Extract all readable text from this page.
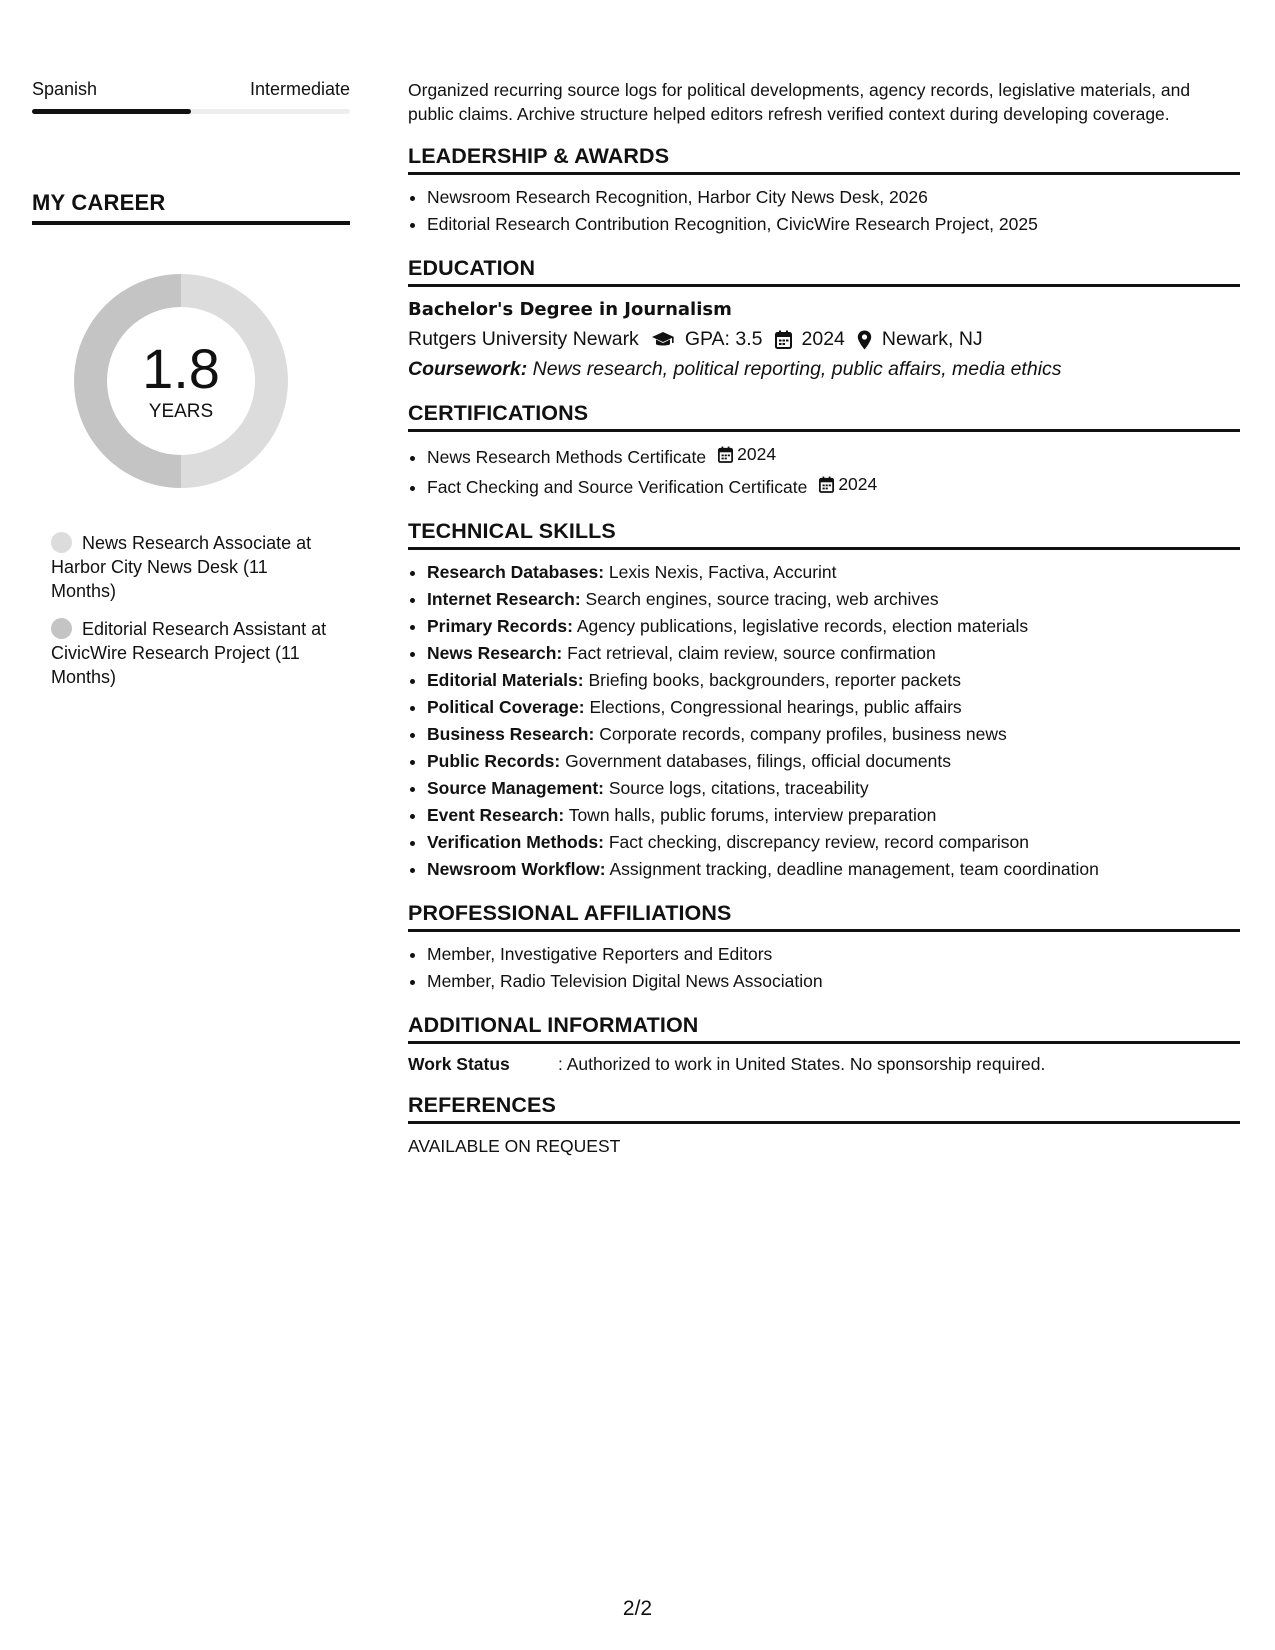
Spanish	Intermediate
MY CAREER
1.8
YEARS
News Research Associate at Harbor City News Desk (11 Months)
Editorial Research Assistant at CivicWire Research Project (11 Months)

Organized recurring source logs for political developments, agency records, legislative materials, and public claims. Archive structure helped editors refresh verified context during developing coverage.

LEADERSHIP & AWARDS
• Newsroom Research Recognition, Harbor City News Desk, 2026
• Editorial Research Contribution Recognition, CivicWire Research Project, 2025
EDUCATION
Bachelor's Degree in Journalism
Rutgers University Newark GPA: 3.5 2024 Newark, NJ
Coursework: News research, political reporting, public affairs, media ethics
CERTIFICATIONS
• News Research Methods Certificate 2024
• Fact Checking and Source Verification Certificate 2024
TECHNICAL SKILLS
• Research Databases: Lexis Nexis, Factiva, Accurint
• Internet Research: Search engines, source tracing, web archives
• Primary Records: Agency publications, legislative records, election materials
• News Research: Fact retrieval, claim review, source confirmation
• Editorial Materials: Briefing books, backgrounders, reporter packets
• Political Coverage: Elections, Congressional hearings, public affairs
• Business Research: Corporate records, company profiles, business news
• Public Records: Government databases, filings, official documents
• Source Management: Source logs, citations, traceability
• Event Research: Town halls, public forums, interview preparation
• Verification Methods: Fact checking, discrepancy review, record comparison
• Newsroom Workflow: Assignment tracking, deadline management, team coordination
PROFESSIONAL AFFILIATIONS
• Member, Investigative Reporters and Editors
• Member, Radio Television Digital News Association
ADDITIONAL INFORMATION
Work Status	: Authorized to work in United States. No sponsorship required.
REFERENCES
AVAILABLE ON REQUEST
2/2
